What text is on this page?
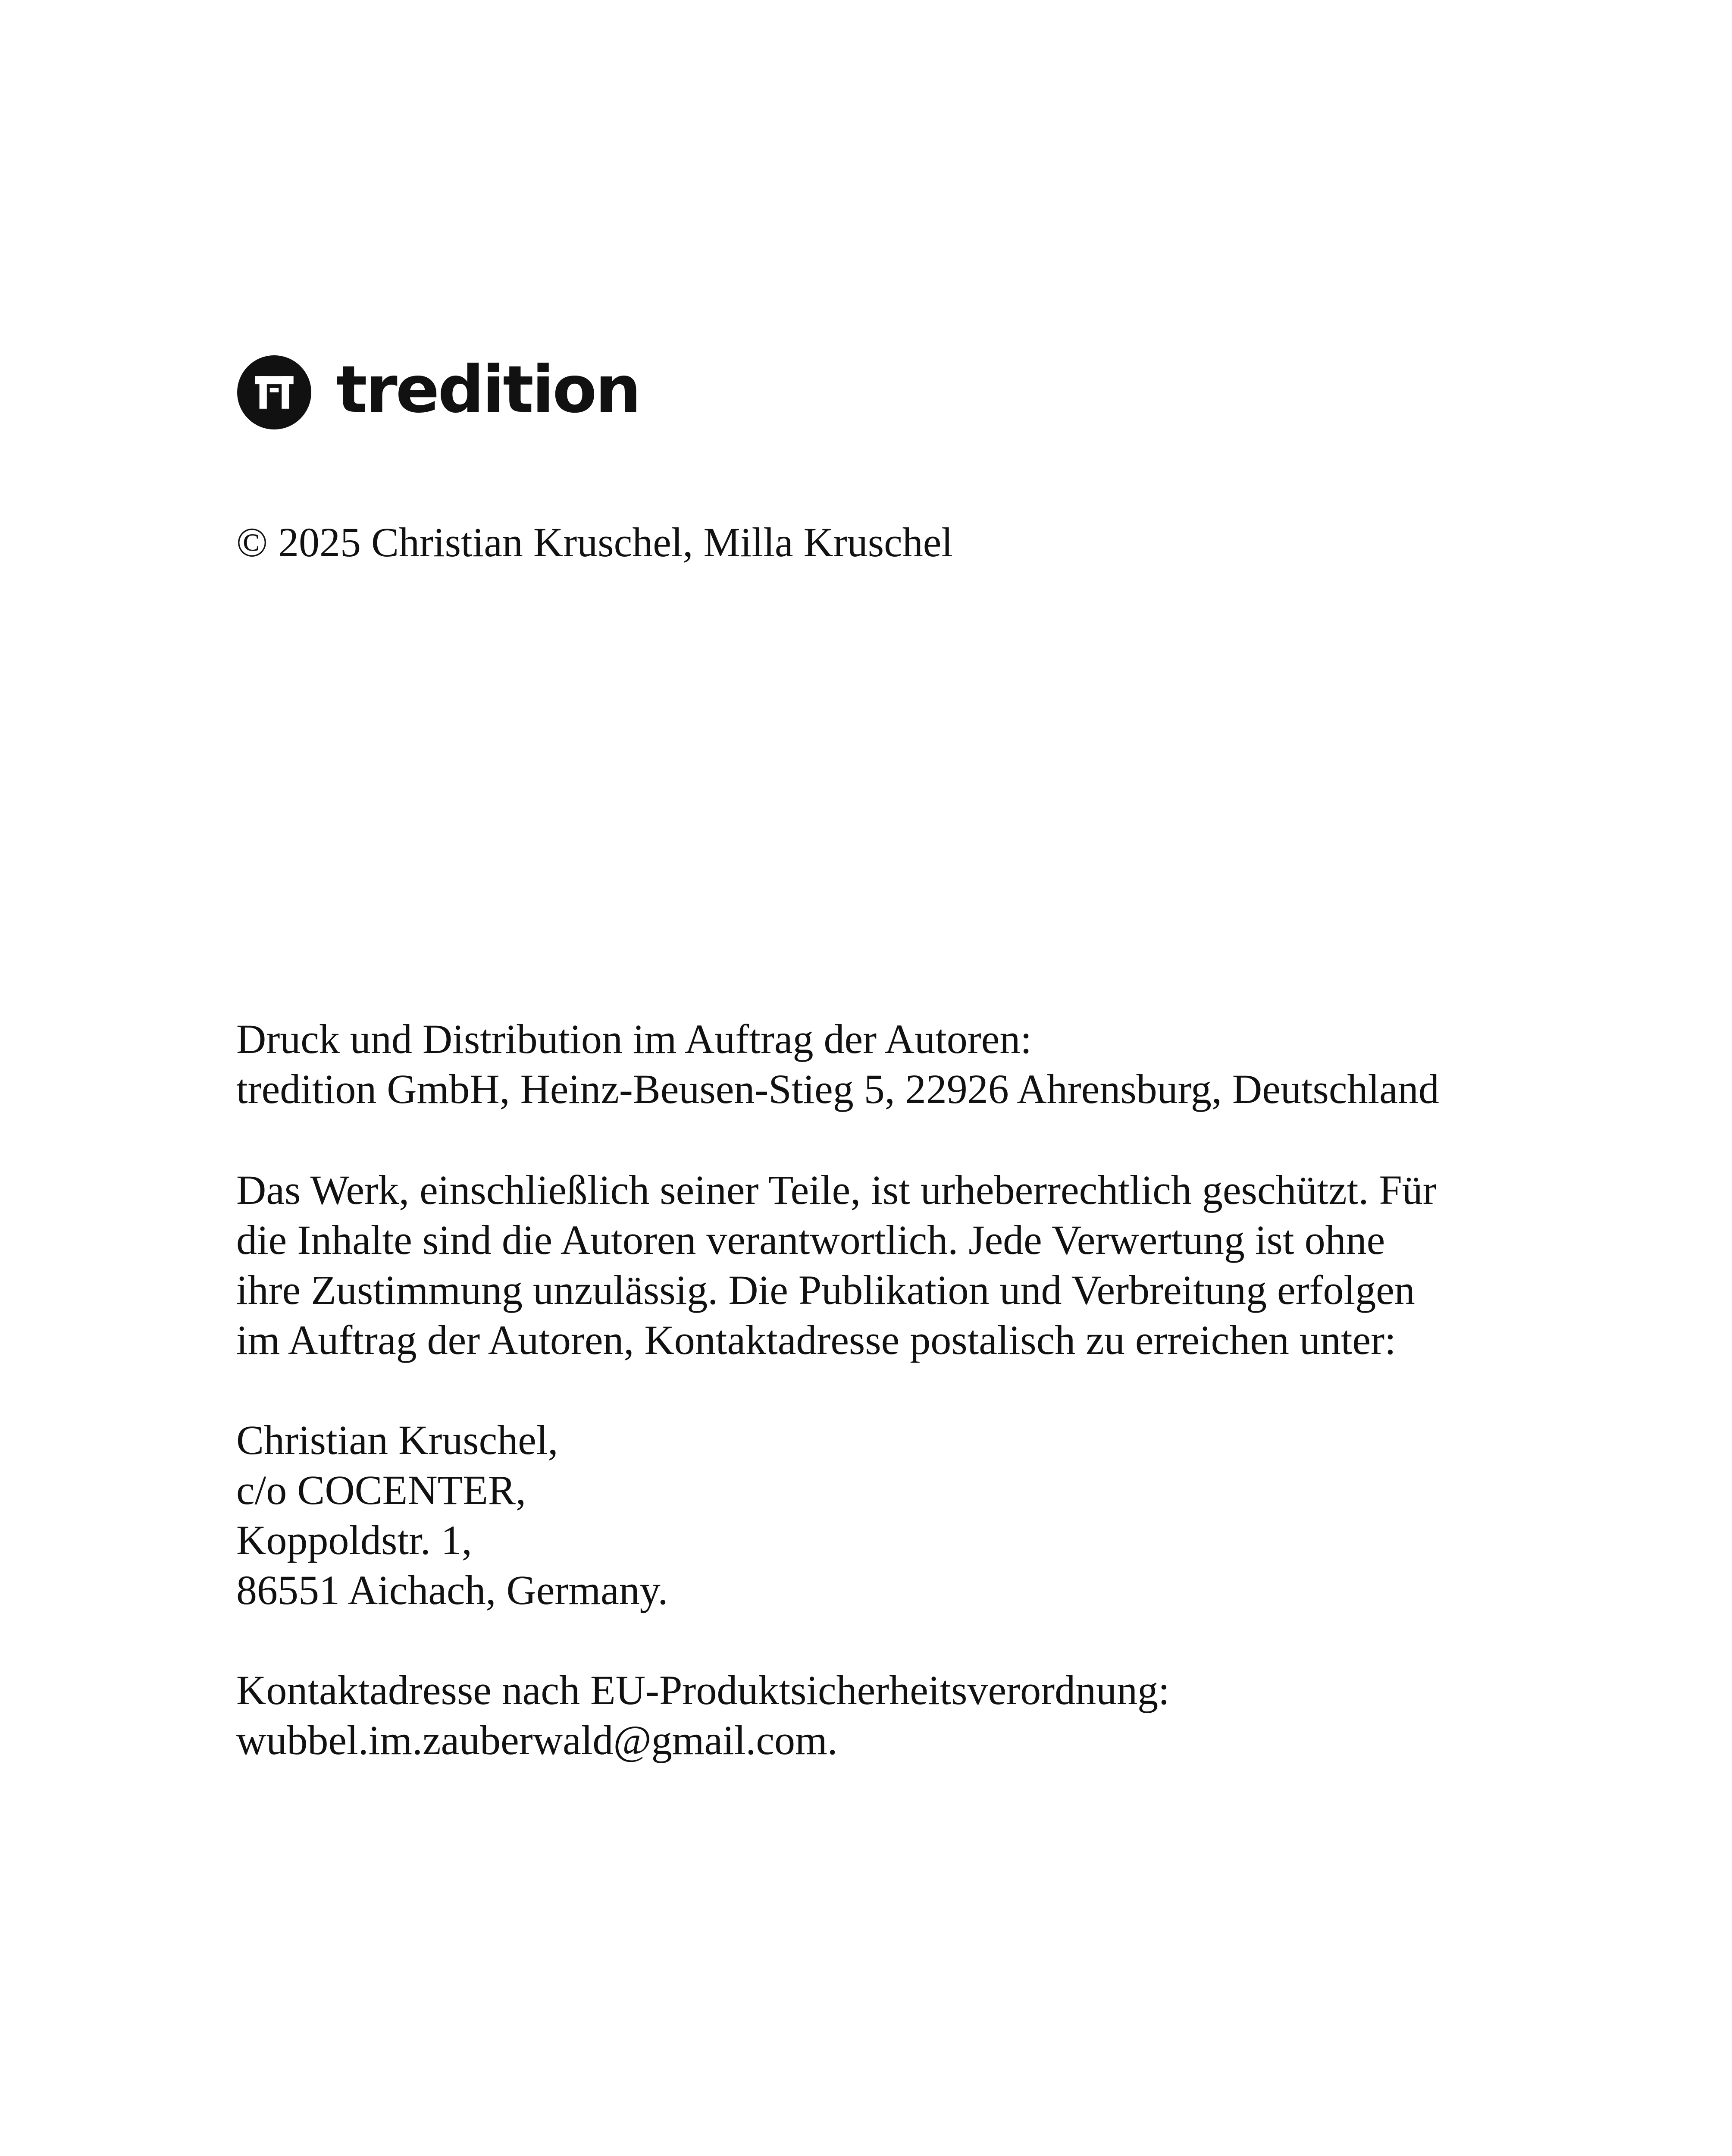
tredition
© 2025 Christian Kruschel, Milla Kruschel
Druck und Distribution im Auftrag der Autoren:
tredition GmbH, Heinz-Beusen-Stieg 5, 22926 Ahrensburg, Deutschland
Das Werk, einschließlich seiner Teile, ist urheberrechtlich geschützt. Für
die Inhalte sind die Autoren verantwortlich. Jede Verwertung ist ohne
ihre Zustimmung unzulässig. Die Publikation und Verbreitung erfolgen
im Auftrag der Autoren, Kontaktadresse postalisch zu erreichen unter:
Christian Kruschel,
c/o COCENTER,
Koppoldstr. 1,
86551 Aichach, Germany.
Kontaktadresse nach EU-Produktsicherheitsverordnung:
wubbel.im.zauberwald@gmail.com.
